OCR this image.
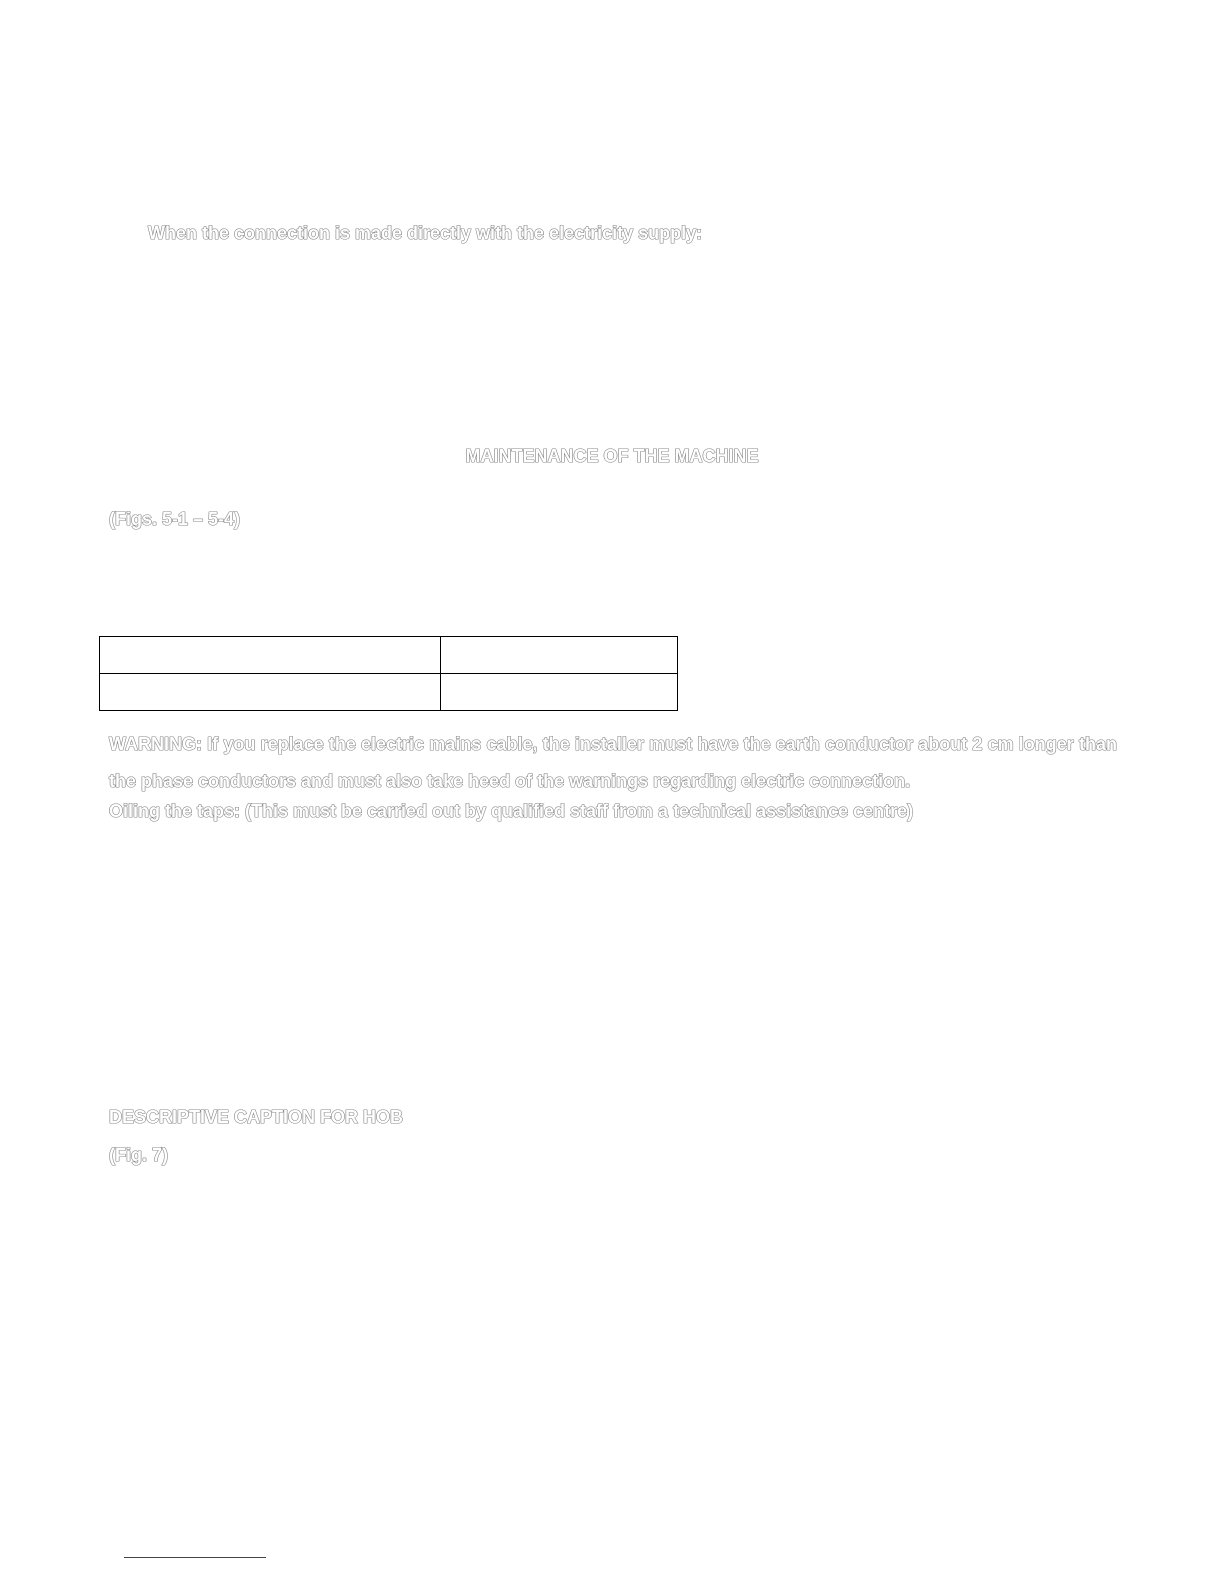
When the connection is made directly with the electricity supply:
MAINTENANCE OF THE MACHINE
(Figs. 5-1 – 5-4)

WARNING: If you replace the electric mains cable, the installer must have the earth conductor about 2 cm longer than the phase conductors and must also take heed of the warnings regarding electric connection.
Oiling the taps: (This must be carried out by qualified staff from a technical assistance centre)
DESCRIPTIVE CAPTION FOR HOB
(Fig. 7)
